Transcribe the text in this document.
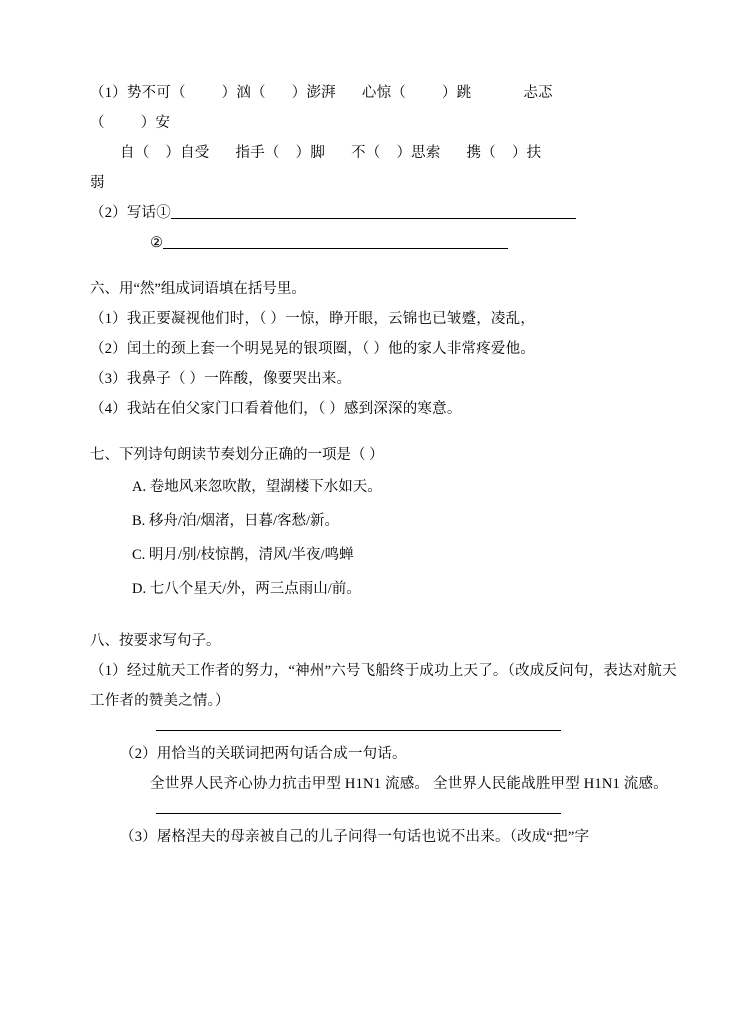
（1）势不可（ ）汹（ ）澎湃 心惊（ ）跳	忐忑
（ ）安
自（ ）自受 指手（ ）脚 不（ ）思索 携（ ）扶
弱
（2）写话①
②
六、用“然”组成词语填在括号里。
（1）我正要凝视他们时，（ ）一惊，睁开眼，云锦也已皱蹙，凌乱，
（2）闰土的颈上套一个明晃晃的银项圈，（ ）他的家人非常疼爱他。
（3）我鼻子（ ）一阵酸，像要哭出来。
（4）我站在伯父家门口看着他们，（ ）感到深深的寒意。
七、下列诗句朗读节奏划分正确的一项是（ ）
A. 卷地风来忽吹散，望湖楼下水如天。
B. 移舟/泊/烟渚，日暮/客愁/新。
C. 明月/别/枝惊鹊，清风/半夜/鸣蝉
D. 七八个星天/外，两三点雨山/前。
八、按要求写句子。
（1）经过航天工作者的努力，“神州”六号飞船终于成功上天了。（改成反问句，表达对航天工作者的赞美之情。）
（2）用恰当的关联词把两句话合成一句话。
全世界人民齐心协力抗击甲型 H1N1 流感。 全世界人民能战胜甲型 H1N1 流感。
（3）屠格涅夫的母亲被自己的儿子问得一句话也说不出来。（改成“把”字
